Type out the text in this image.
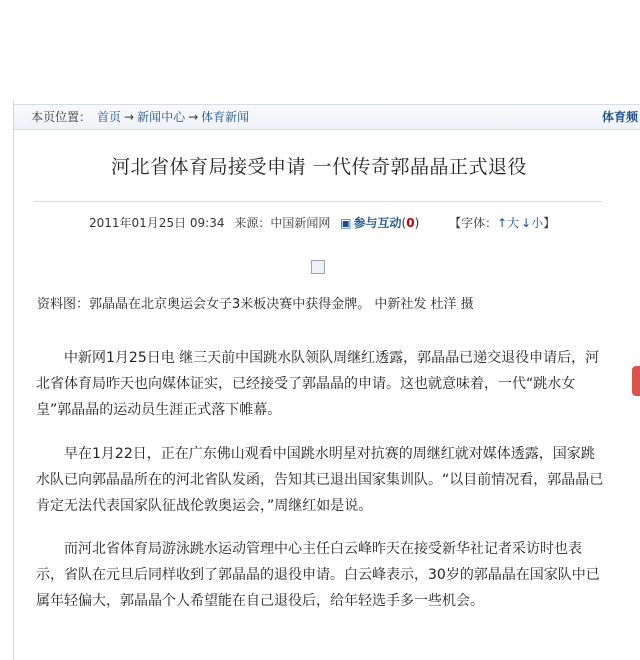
本页位置： 首页 → 新闻中心 → 体育新闻	体育频
河北省体育局接受申请 一代传奇郭晶晶正式退役
2011年01月25日 09:34 来源：中国新闻网 ▣ 参与互动(0) 【字体：↑大 ↓小】
资料图：郭晶晶在北京奥运会女子3米板决赛中获得金牌。 中新社发 杜洋 摄

中新网1月25日电 继三天前中国跳水队领队周继红透露，郭晶晶已递交退役申请后，河北省体育局昨天也向媒体证实，已经接受了郭晶晶的申请。这也就意味着，一代“跳水女皇”郭晶晶的运动员生涯正式落下帷幕。

早在1月22日，正在广东佛山观看中国跳水明星对抗赛的周继红就对媒体透露，国家跳水队已向郭晶晶所在的河北省队发函，告知其已退出国家集训队。“以目前情况看，郭晶晶已肯定无法代表国家队征战伦敦奥运会，”周继红如是说。

而河北省体育局游泳跳水运动管理中心主任白云峰昨天在接受新华社记者采访时也表示，省队在元旦后同样收到了郭晶晶的退役申请。白云峰表示，30岁的郭晶晶在国家队中已属年轻偏大，郭晶晶个人希望能在自己退役后，给年轻选手多一些机会。
